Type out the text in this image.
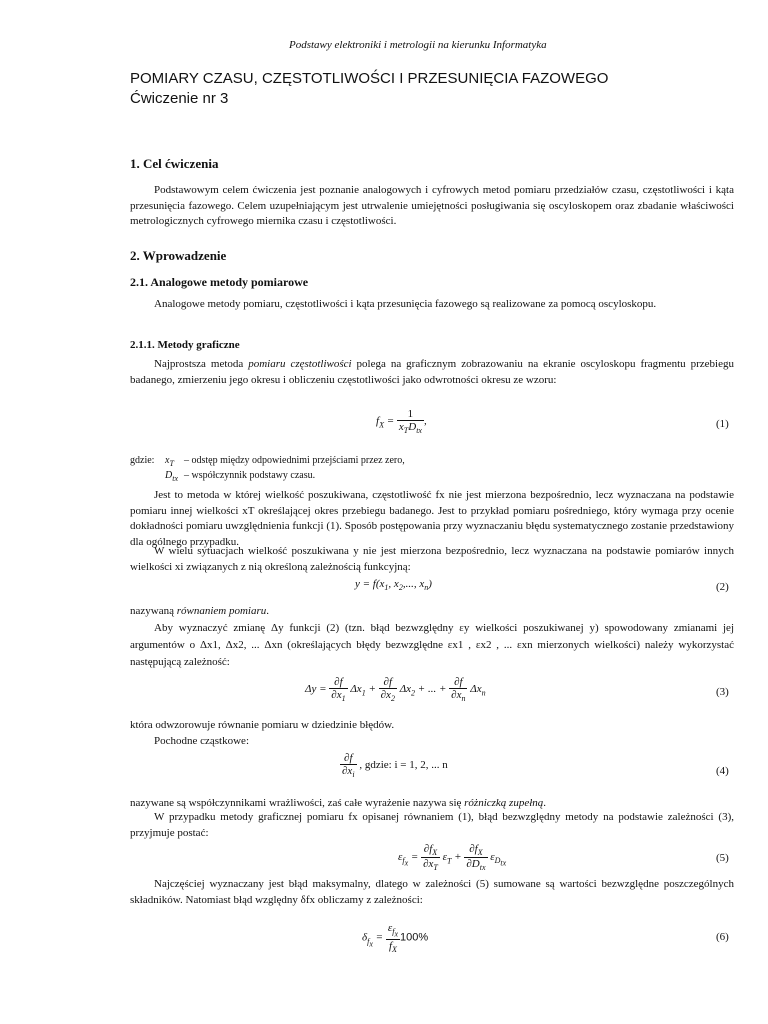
Podstawy elektroniki i metrologii na kierunku Informatyka
POMIARY CZASU, CZĘSTOTLIWOŚCI I PRZESUNIĘCIA FAZOWEGO
Ćwiczenie nr 3
1. Cel ćwiczenia
Podstawowym celem ćwiczenia jest poznanie analogowych i cyfrowych metod pomiaru przedziałów czasu, częstotliwości i kąta przesunięcia fazowego. Celem uzupełniającym jest utrwalenie umiejętności posługiwania się oscyloskopem oraz zbadanie właściwości metrologicznych cyfrowego miernika czasu i częstotliwości.
2. Wprowadzenie
2.1. Analogowe metody pomiarowe
Analogowe metody pomiaru, częstotliwości i kąta przesunięcia fazowego są realizowane za pomocą oscyloskopu.
2.1.1. Metody graficzne
Najprostsza metoda pomiaru częstotliwości polega na graficznym zobrazowaniu na ekranie oscyloskopu fragmentu przebiegu badanego, zmierzeniu jego okresu i obliczeniu częstotliwości jako odwrotności okresu ze wzoru:
$f_X = \frac{1}{x_TD_{tx}}$ ,	(1)
gdzie: $x_T$ – odstęp między odpowiednimi przejściami przez zero,
$D_{tx}$ – współczynnik podstawy czasu.
Jest to metoda w której wielkość poszukiwana, częstotliwość fx nie jest mierzona bezpośrednio, lecz wyznaczana na podstawie pomiaru innej wielkości xT określającej okres przebiegu badanego. Jest to przykład pomiaru pośredniego, który wymaga przy ocenie dokładności pomiaru uwzględnienia funkcji (1). Sposób postępowania przy wyznaczaniu błędu systematycznego zostanie przedstawiony dla ogólnego przypadku.
W wielu sytuacjach wielkość poszukiwana y nie jest mierzona bezpośrednio, lecz wyznaczana na podstawie pomiarów innych wielkości xi związanych z nią określoną zależnością funkcyjną:
$y = f(x_1$, $x_2$,..., $x_n$)	(2)
nazywaną równaniem pomiaru.
Aby wyznaczyć zmianę Δy funkcji (2) (tzn. błąd bezwzględny εy wielkości poszukiwanej y) spowodowany zmianami jej argumentów o Δx1, Δx2, ... Δxn (określających błędy bezwzględne εx1 , εx2 , ... εxn mierzonych wielkości) należy wykorzystać następującą zależność:
$\Delta y = \frac{\partial f}{\partial x_1} \Delta x_1 + \frac{\partial f}{\partial x_2} \Delta x_2$ + ... + $\frac{\partial f}{\partial x_n} \Delta x_n$	(3)
która odwzorowuje równanie pomiaru w dziedzinie błędów.
Pochodne cząstkowe:
$\frac{\partial f}{\partial x_i}$ , gdzie: i = 1, 2, ... n	(4)
nazywane są współczynnikami wrażliwości, zaś całe wyrażenie nazywa się różniczką zupełną.
W przypadku metody graficznej pomiaru fx opisanej równaniem (1), błąd bezwzględny metody na podstawie zależności (3), przyjmuje postać:
$\varepsilon_{f_x} = \frac{\partial f_X}{\partial x_T} \varepsilon_T + \frac{\partial f_X}{\partial D_{tx}} \varepsilon_{D_{tx}}$	(5)
Najczęściej wyznaczany jest błąd maksymalny, dlatego w zależności (5) sumowane są wartości bezwzględne poszczególnych składników. Natomiast błąd względny δfx obliczamy z zależności:
$\delta_{f_x} = \frac{\varepsilon_{f_x}}{f_X} 100\%$	(6)
